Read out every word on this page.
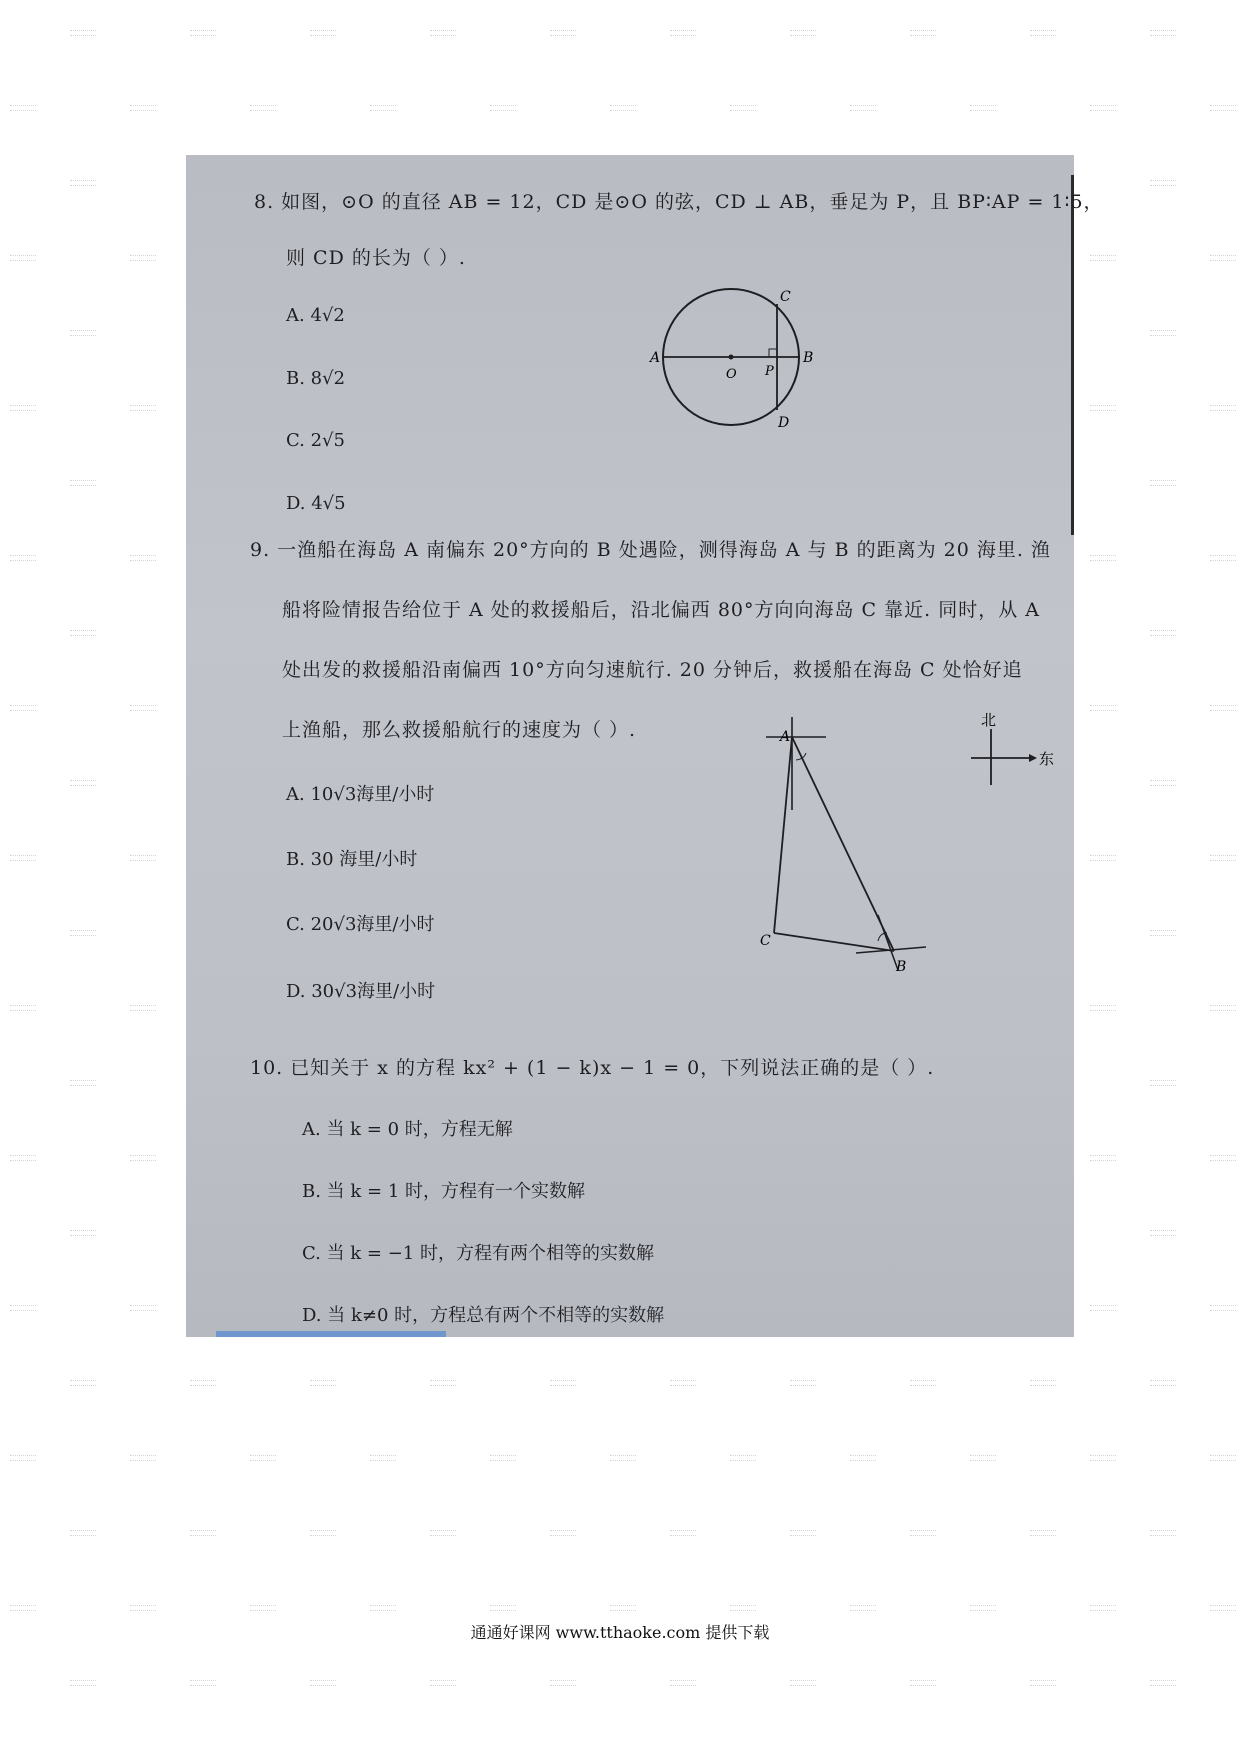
8. 如图，⊙O 的直径 AB = 12，CD 是⊙O 的弦，CD ⊥ AB，垂足为 P，且 BP∶AP = 1∶5，
则 CD 的长为（ ）.
A. 4√2
B. 8√2
C. 2√5
D. 4√5
A	B
C
D
O P
9. 一渔船在海岛 A 南偏东 20°方向的 B 处遇险，测得海岛 A 与 B 的距离为 20 海里. 渔
船将险情报告给位于 A 处的救援船后，沿北偏西 80°方向向海岛 C 靠近. 同时，从 A
处出发的救援船沿南偏西 10°方向匀速航行. 20 分钟后，救援船在海岛 C 处恰好追
上渔船，那么救援船航行的速度为（ ）.
A. 10√3海里/小时
B. 30 海里/小时
C. 20√3海里/小时
D. 30√3海里/小时
北
东
A
C
B
10. 已知关于 x 的方程 kx² + (1 − k)x − 1 = 0，下列说法正确的是（ ）.
A. 当 k = 0 时，方程无解
B. 当 k = 1 时，方程有一个实数解
C. 当 k = −1 时，方程有两个相等的实数解
D. 当 k≠0 时，方程总有两个不相等的实数解
通通好课网 www.tthaoke.com 提供下载
